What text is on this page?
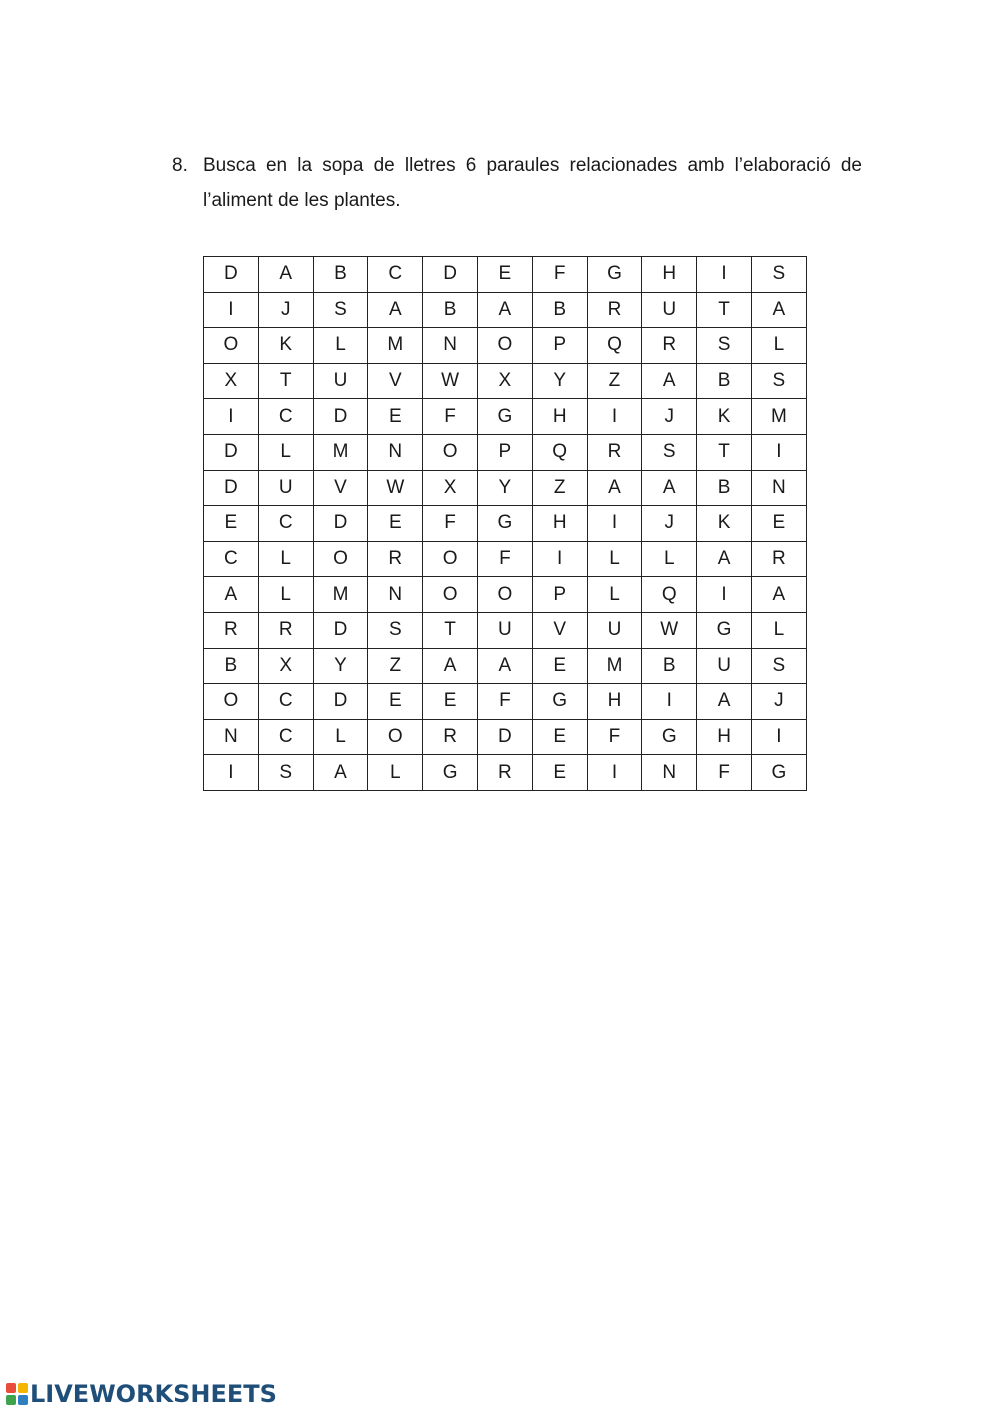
8. Busca en la sopa de lletres 6 paraules relacionades amb l’elaboració de l’aliment de les plantes.
D	A	B	C	D	E	F	G	H	I	S
I	J	S	A	B	A	B	R	U	T	A
O	K	L	M	N	O	P	Q	R	S	L
X	T	U	V	W	X	Y	Z	A	B	S
I	C	D	E	F	G	H	I	J	K	M
D	L	M	N	O	P	Q	R	S	T	I
D	U	V	W	X	Y	Z	A	A	B	N
E	C	D	E	F	G	H	I	J	K	E
C	L	O	R	O	F	I	L	L	A	R
A	L	M	N	O	O	P	L	Q	I	A
R	R	D	S	T	U	V	U	W	G	L
B	X	Y	Z	A	A	E	M	B	U	S
O	C	D	E	E	F	G	H	I	A	J
N	C	L	O	R	D	E	F	G	H	I
I	S	A	L	G	R	E	I	N	F	G
LIVEWORKSHEETS
